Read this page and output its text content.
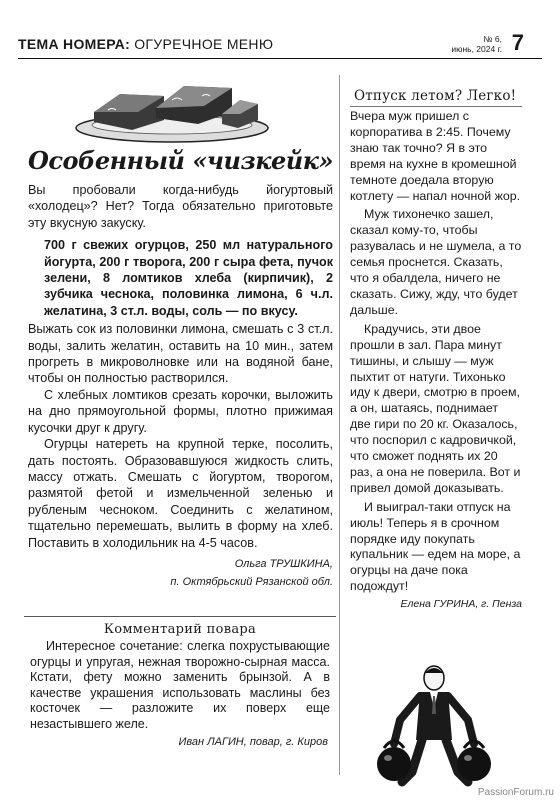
ТЕМА НОМЕРА: ОГУРЕЧНОЕ МЕНЮ	№ 6,
июнь, 2024 г. 7
Особенный «чизкейк»

Вы пробовали когда-нибудь йогуртовый «холодец»? Нет? Тогда обязательно приготовьте эту вкусную закуску.

700 г свежих огурцов, 250 мл натурального йогурта, 200 г творога, 200 г сыра фета, пучок зелени, 8 ломтиков хлеба (кирпичик), 2 зубчика чеснока, половинка лимона, 6 ч.л. желатина, 3 ст.л. воды, соль — по вкусу.

Выжать сок из половинки лимона, смешать с 3 ст.л. воды, залить желатин, оставить на 10 мин., затем прогреть в микроволновке или на водяной бане, чтобы он полностью растворился.

С хлебных ломтиков срезать корочки, выложить на дно прямоугольной формы, плотно прижимая кусочки друг к другу.

Огурцы натереть на крупной терке, посолить, дать постоять. Образовавшуюся жидкость слить, массу отжать. Смешать с йогуртом, творогом, размятой фетой и измельченной зеленью и рубленым чесноком. Соединить с желатином, тщательно перемешать, вылить в форму на хлеб. Поставить в холодильник на 4-5 часов.

Ольга ТРУШКИНА,
п. Октябрьский Рязанской обл.

Комментарий повара

Интересное сочетание: слегка похрустывающие огурцы и упругая, нежная творожно-сырная масса. Кстати, фету можно заменить брынзой. А в качестве украшения использовать маслины без косточек — разложите их поверх еще незастывшего желе.

Иван ЛАГИН, повар, г. Киров
Отпуск летом? Легко!

Вчера муж пришел с корпоратива в 2:45. Почему знаю так точно? Я в это время на кухне в кромешной темноте доедала вторую котлету — напал ночной жор.

Муж тихонечко зашел, сказал кому-то, чтобы разувалась и не шумела, а то семья проснется. Сказать, что я обалдела, ничего не сказать. Сижу, жду, что будет дальше.

Крадучись, эти двое прошли в зал. Пара минут тишины, и слышу — муж пыхтит от натуги. Тихонько иду к двери, смотрю в проем, а он, шатаясь, поднимает двe гири по 20 кг. Оказалось, что поспорил с кадровичкой, что сможет поднять их 20 раз, а она не поверила. Вот и привел домой доказывать.

И выиграл-таки отпуск на июль! Теперь я в срочном порядке иду покупать купальник — едем на море, а огурцы на даче пока подождут!

Елена ГУРИНА, г. Пенза
PassionForum.ru
